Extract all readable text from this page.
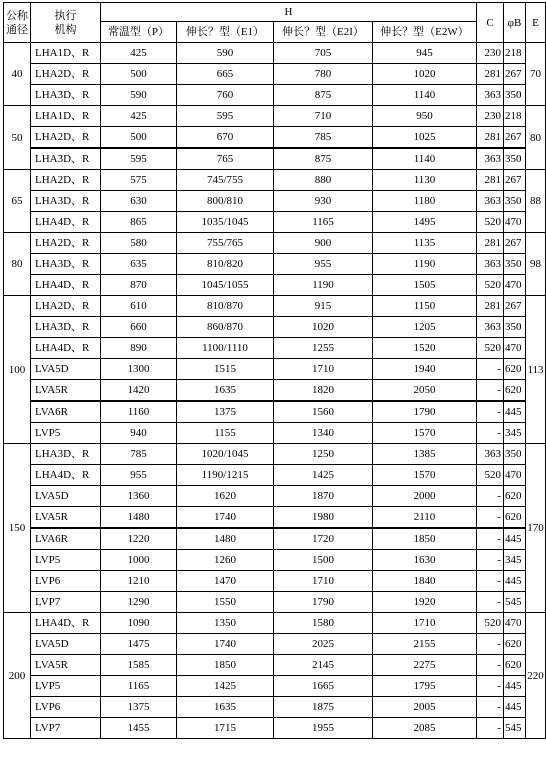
公称
通径	执行
机构	H				C	φB	E
		常温型（P）	伸长？型（E1）	伸长？型（E2I）	伸长？型（E2W）			
40	LHA1D、R	425	590	705	945	230	218	70
	LHA2D、R	500	665	780	1020	281	267	
	LHA3D、R	590	760	875	1140	363	350	
50	LHA1D、R	425	595	710	950	230	218	80
	LHA2D、R	500	670	785	1025	281	267	
	LHA3D、R	595	765	875	1140	363	350	
65	LHA2D、R	575	745/755	880	1130	281	267	88
	LHA3D、R	630	800/810	930	1180	363	350	
	LHA4D、R	865	1035/1045	1165	1495	520	470	
80	LHA2D、R	580	755/765	900	1135	281	267	98
	LHA3D、R	635	810/820	955	1190	363	350	
	LHA4D、R	870	1045/1055	1190	1505	520	470	
100	LHA2D、R	610	810/870	915	1150	281	267	113
	LHA3D、R	660	860/870	1020	1205	363	350	
	LHA4D、R	890	1100/1110	1255	1520	520	470	
	LVA5D	1300	1515	1710	1940	-	620	
	LVA5R	1420	1635	1820	2050	-	620	
	LVA6R	1160	1375	1560	1790	-	445	
	LVP5	940	1155	1340	1570	-	345	
150	LHA3D、R	785	1020/1045	1250	1385	363	350	170
	LHA4D、R	955	1190/1215	1425	1570	520	470	
	LVA5D	1360	1620	1870	2000	-	620	
	LVA5R	1480	1740	1980	2110	-	620	
	LVA6R	1220	1480	1720	1850	-	445	
	LVP5	1000	1260	1500	1630	-	345	
	LVP6	1210	1470	1710	1840	-	445	
	LVP7	1290	1550	1790	1920	-	545	
200	LHA4D、R	1090	1350	1580	1710	520	470	220
	LVA5D	1475	1740	2025	2155	-	620	
	LVA5R	1585	1850	2145	2275	-	620	
	LVP5	1165	1425	1665	1795	-	445	
	LVP6	1375	1635	1875	2005	-	445	
	LVP7	1455	1715	1955	2085	-	545	
